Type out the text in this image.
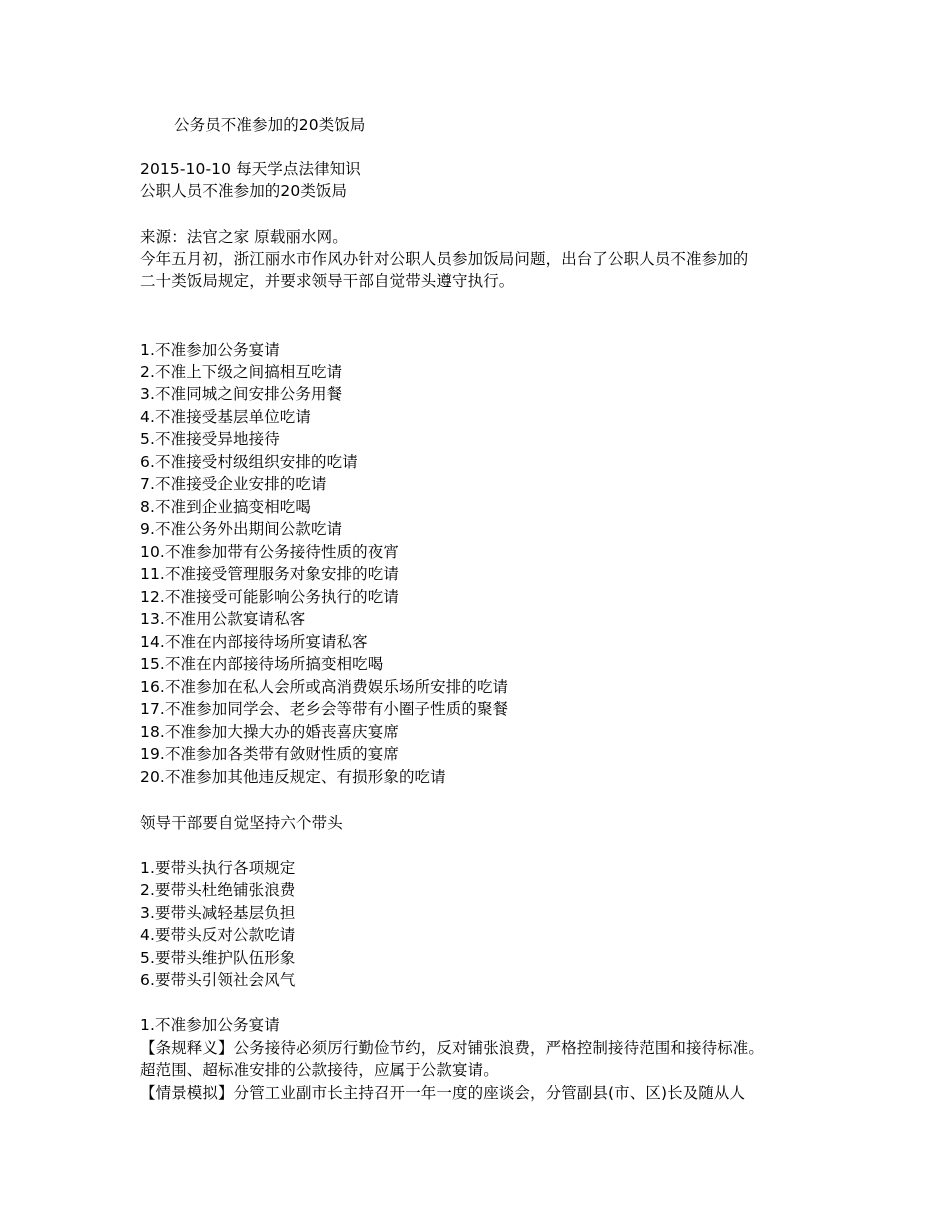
公务员不准参加的20类饭局
2015-10-10 每天学点法律知识
公职人员不准参加的20类饭局
来源：法官之家 原载丽水网。
今年五月初，浙江丽水市作风办针对公职人员参加饭局问题，出台了公职人员不准参加的
二十类饭局规定，并要求领导干部自觉带头遵守执行。
1.不准参加公务宴请
2.不准上下级之间搞相互吃请
3.不准同城之间安排公务用餐
4.不准接受基层单位吃请
5.不准接受异地接待
6.不准接受村级组织安排的吃请
7.不准接受企业安排的吃请
8.不准到企业搞变相吃喝
9.不准公务外出期间公款吃请
10.不准参加带有公务接待性质的夜宵
11.不准接受管理服务对象安排的吃请
12.不准接受可能影响公务执行的吃请
13.不准用公款宴请私客
14.不准在内部接待场所宴请私客
15.不准在内部接待场所搞变相吃喝
16.不准参加在私人会所或高消费娱乐场所安排的吃请
17.不准参加同学会、老乡会等带有小圈子性质的聚餐
18.不准参加大操大办的婚丧喜庆宴席
19.不准参加各类带有敛财性质的宴席
20.不准参加其他违反规定、有损形象的吃请
领导干部要自觉坚持六个带头
1.要带头执行各项规定
2.要带头杜绝铺张浪费
3.要带头减轻基层负担
4.要带头反对公款吃请
5.要带头维护队伍形象
6.要带头引领社会风气
1.不准参加公务宴请
【条规释义】公务接待必须厉行勤俭节约，反对铺张浪费，严格控制接待范围和接待标准。
超范围、超标准安排的公款接待，应属于公款宴请。
【情景模拟】分管工业副市长主持召开一年一度的座谈会，分管副县(市、区)长及随从人
